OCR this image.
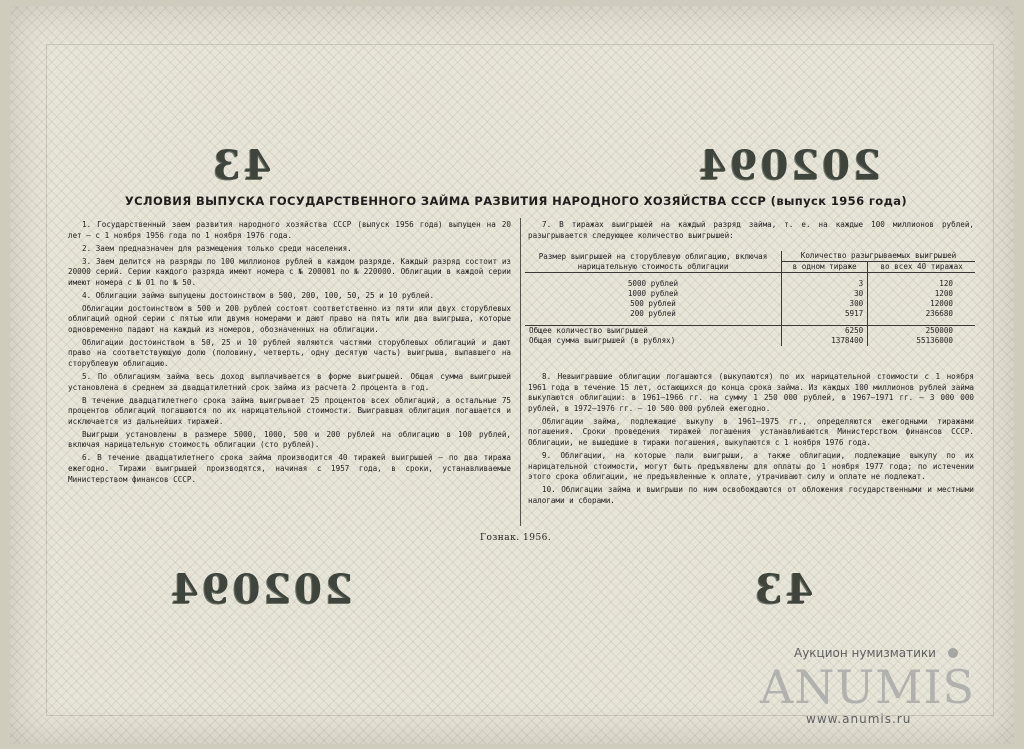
202094
43
202094	43
УСЛОВИЯ ВЫПУСКА ГОСУДАРСТВЕННОГО ЗАЙМА РАЗВИТИЯ НАРОДНОГО ХОЗЯЙСТВА СССР (выпуск 1956 года)

1. Государственный заем развития народного хозяйства СССР (выпуск 1956 года) выпущен на 20 лет — с 1 ноября 1956 года по 1 ноября 1976 года.

2. Заем предназначен для размещения только среди населения.

3. Заем делится на разряды по 100 миллионов рублей в каждом разряде. Каждый разряд состоит из 20000 серий. Серии каждого разряда имеют номера с № 200001 по № 220000. Облигации в каждой серии имеют номера с № 01 по № 50.

4. Облигации займа выпущены достоинством в 500, 200, 100, 50, 25 и 10 рублей.

Облигации достоинством в 500 и 200 рублей состоят соответственно из пяти или двух сторублевых облигаций одной серии с пятью или двумя номерами и дают право на пять или два выигрыша, которые одновременно падают на каждый из номеров, обозначенных на облигации.

Облигации достоинством в 50, 25 и 10 рублей являются частями сторублевых облигаций и дают право на соответствующую долю (половину, четверть, одну десятую часть) выигрыша, выпавшего на сторублевую облигацию.

5. По облигациям займа весь доход выплачивается в форме выигрышей. Общая сумма выигрышей установлена в среднем за двадцатилетний срок займа из расчета 2 процента в год.

В течение двадцатилетнего срока займа выигрывает 25 процентов всех облигаций, а остальные 75 процентов облигаций погашаются по их нарицательной стоимости. Выигравшая облигация погашается и исключается из дальнейших тиражей.

Выигрыши установлены в размере 5000, 1000, 500 и 200 рублей на облигацию в 100 рублей, включая нарицательную стоимость облигации (сто рублей).

6. В течение двадцатилетнего срока займа производится 40 тиражей выигрышей — по два тиража ежегодно. Тиражи выигрышей производятся, начиная с 1957 года, в сроки, устанавливаемые Министерством финансов СССР.

7. В тиражах выигрышей на каждый разряд займа, т. е. на каждые 100 миллионов рублей, разыгрывается следующее количество выигрышей:

Размер выигрышей на сторублевую облигацию, включая нарицательную стоимость облигации	Количество разыгрываемых выигрышей	
	в одном тираже	во всех 40 тиражах

5000 рублей	3	120
1000 рублей	30	1200
500 рублей	300	12000
200 рублей	5917	236680

Общее количество выигрышей	6250	250000
Общая сумма выигрышей (в рублях)	1378400	55136000

8. Невыигравшие облигации погашаются (выкупаются) по их нарицательной стоимости с 1 ноября 1961 года в течение 15 лет, остающихся до конца срока займа. Из каждых 100 миллионов рублей займа выкупаются облигации: в 1961—1966 гг. на сумму 1 250 000 рублей, в 1967—1971 гг. — 3 000 000 рублей, в 1972—1976 гг. — 10 500 000 рублей ежегодно.

Облигации займа, подлежащие выкупу в 1961—1975 гг., определяются ежегодными тиражами погашения. Сроки проведения тиражей погашения устанавливаются Министерством финансов СССР. Облигации, не вышедшие в тиражи погашения, выкупаются с 1 ноября 1976 года.

9. Облигации, на которые пали выигрыши, а также облигации, подлежащие выкупу по их нарицательной стоимости, могут быть предъявлены для оплаты до 1 ноября 1977 года; по истечении этого срока облигации, не предъявленные к оплате, утрачивают силу и оплате не подлежат.

10. Облигации займа и выигрыши по ним освобождаются от обложения государственными и местными налогами и сборами.

Гознак. 1956.
Аукцион нумизматики
ANUMIS
www.anumis.ru
